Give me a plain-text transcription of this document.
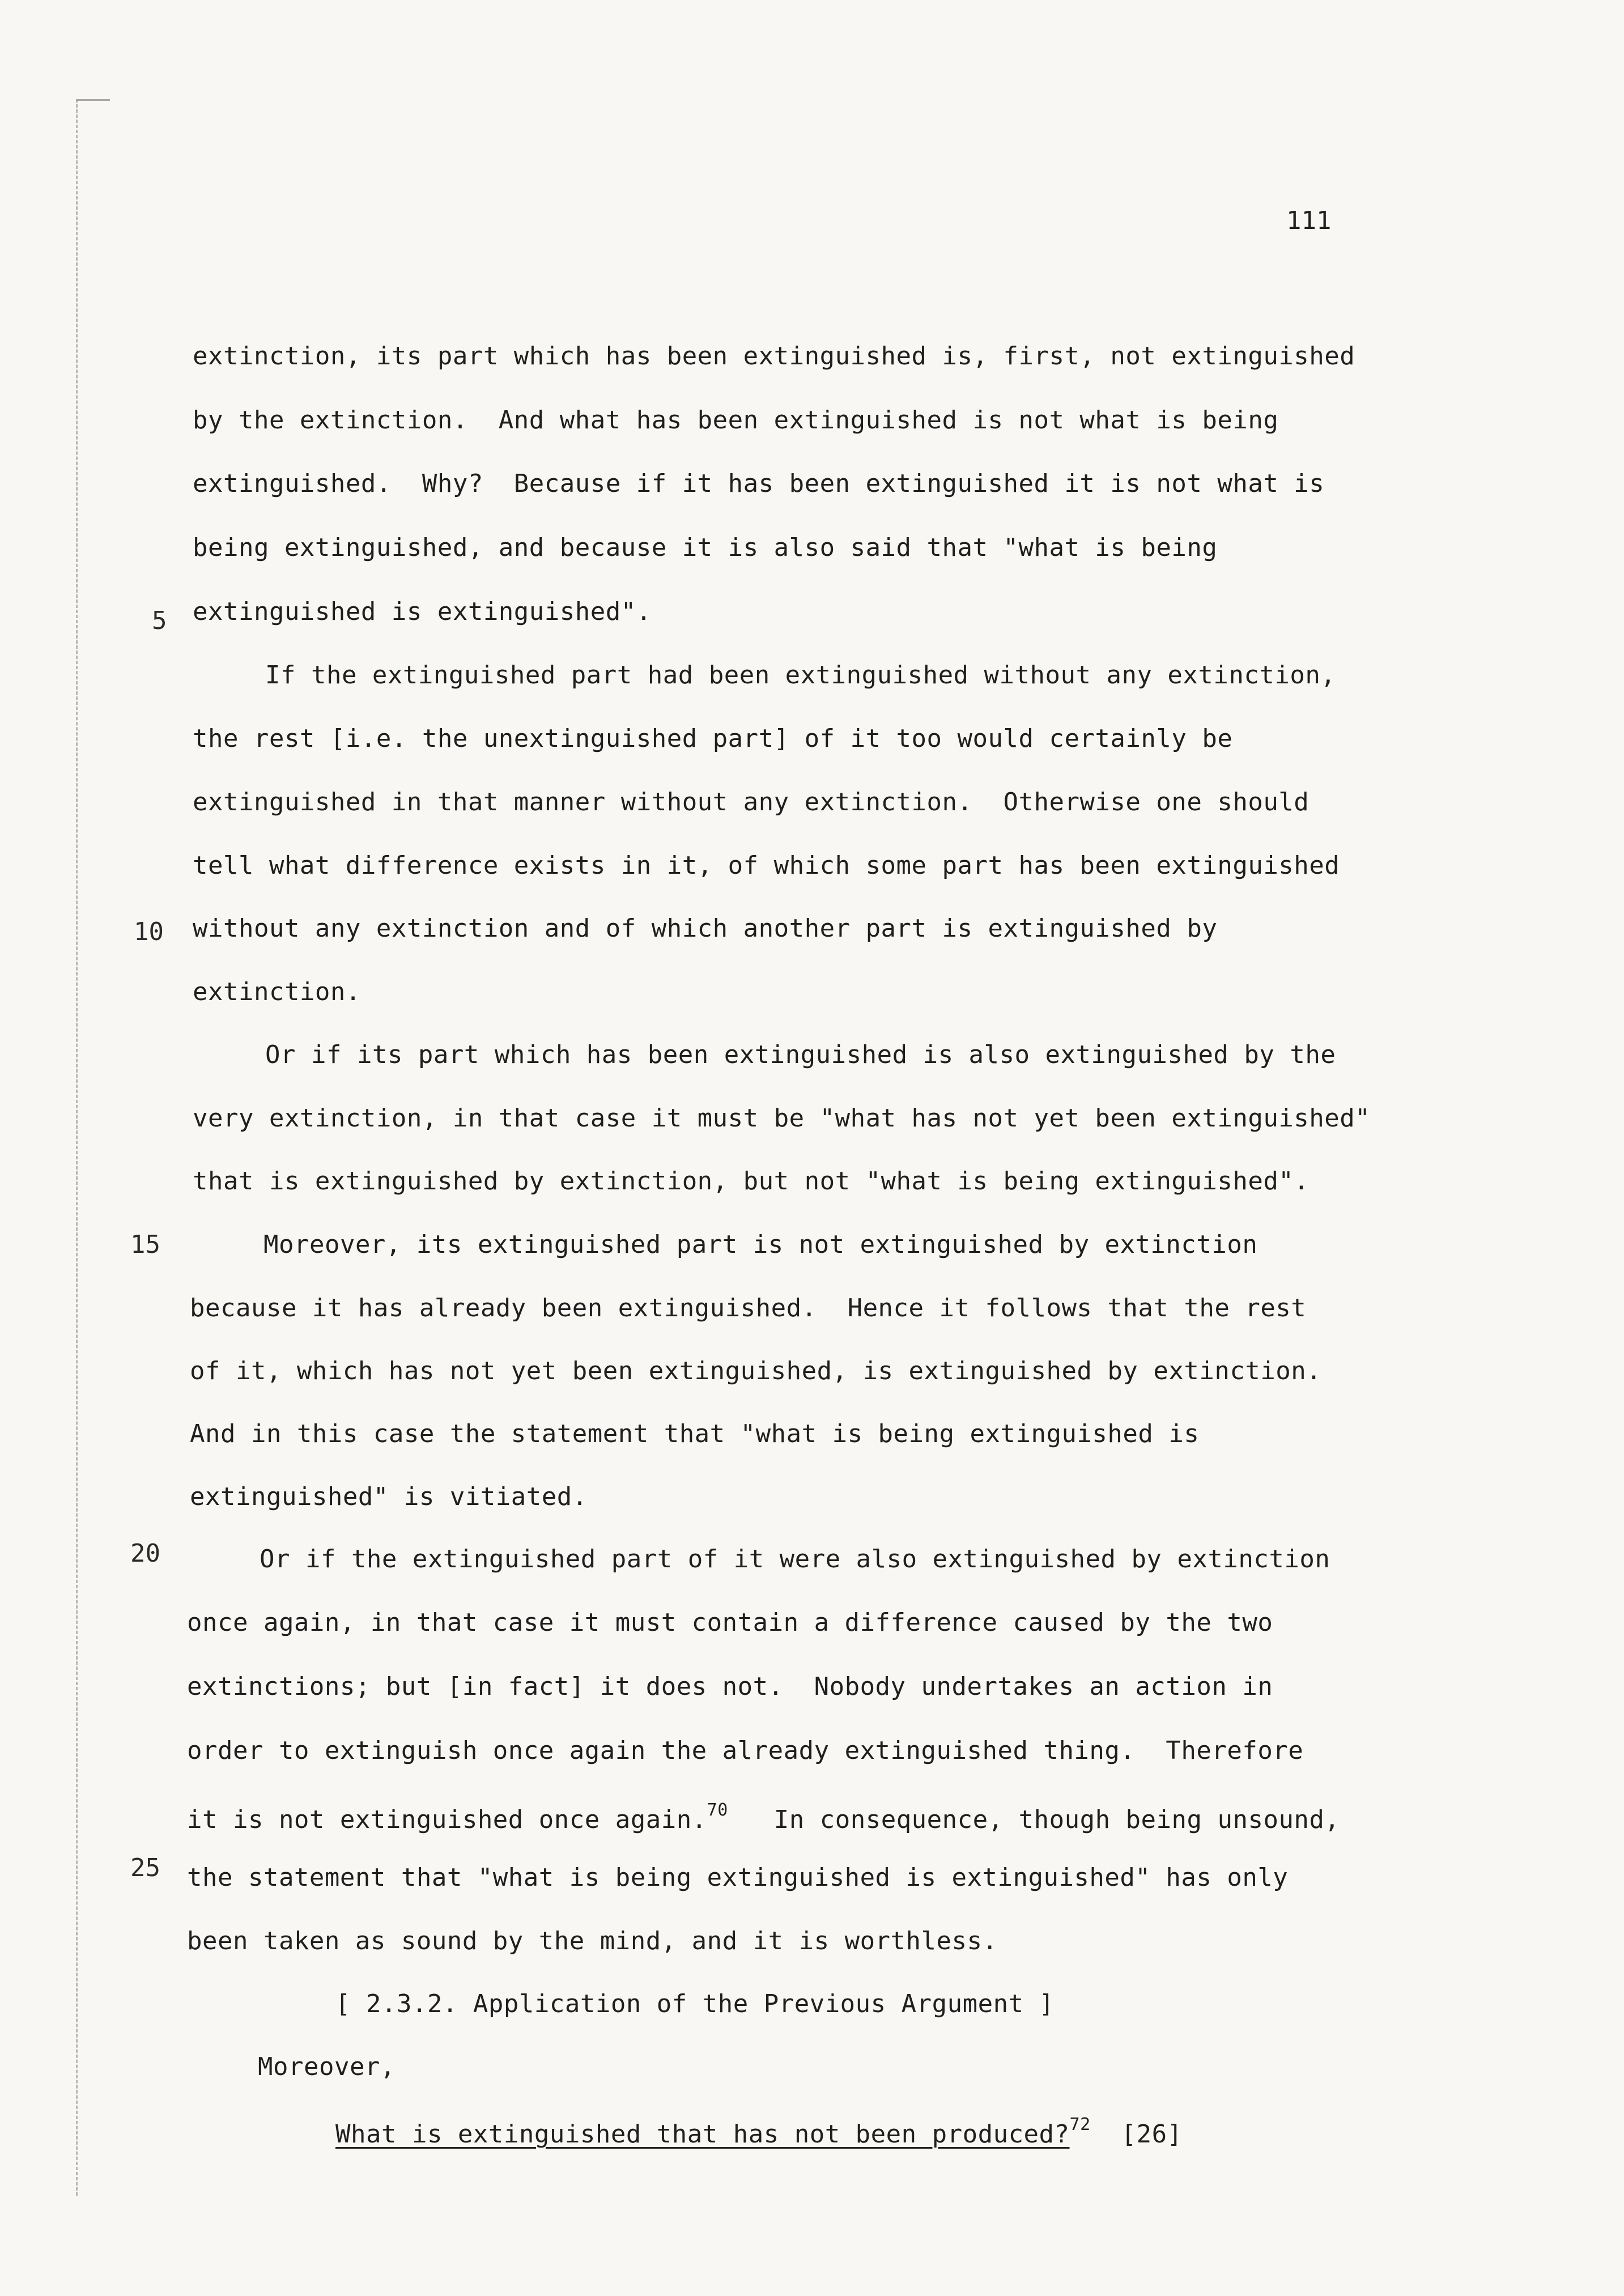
111
extinction, its part which has been extinguished is, first, not extinguished
by the extinction.  And what has been extinguished is not what is being
extinguished.  Why?  Because if it has been extinguished it is not what is
being extinguished, and because it is also said that "what is being
5 extinguished is extinguished".
If the extinguished part had been extinguished without any extinction,
the rest [i.e. the unextinguished part] of it too would certainly be
extinguished in that manner without any extinction.  Otherwise one should
tell what difference exists in it, of which some part has been extinguished
10 without any extinction and of which another part is extinguished by
extinction.
Or if its part which has been extinguished is also extinguished by the
very extinction, in that case it must be "what has not yet been extinguished"
that is extinguished by extinction, but not "what is being extinguished".
15	Moreover, its extinguished part is not extinguished by extinction
because it has already been extinguished.  Hence it follows that the rest
of it, which has not yet been extinguished, is extinguished by extinction.
And in this case the statement that "what is being extinguished is
extinguished" is vitiated.
20	Or if the extinguished part of it were also extinguished by extinction
once again, in that case it must contain a difference caused by the two
extinctions; but [in fact] it does not.  Nobody undertakes an action in
order to extinguish once again the already extinguished thing.  Therefore
it is not extinguished once again.$^{70}$   In consequence, though being unsound,
25 the statement that "what is being extinguished is extinguished" has only
been taken as sound by the mind, and it is worthless.
[ 2.3.2. Application of the Previous Argument ]
Moreover,
What is extinguished that has not been produced?$^{72}$ [26]
